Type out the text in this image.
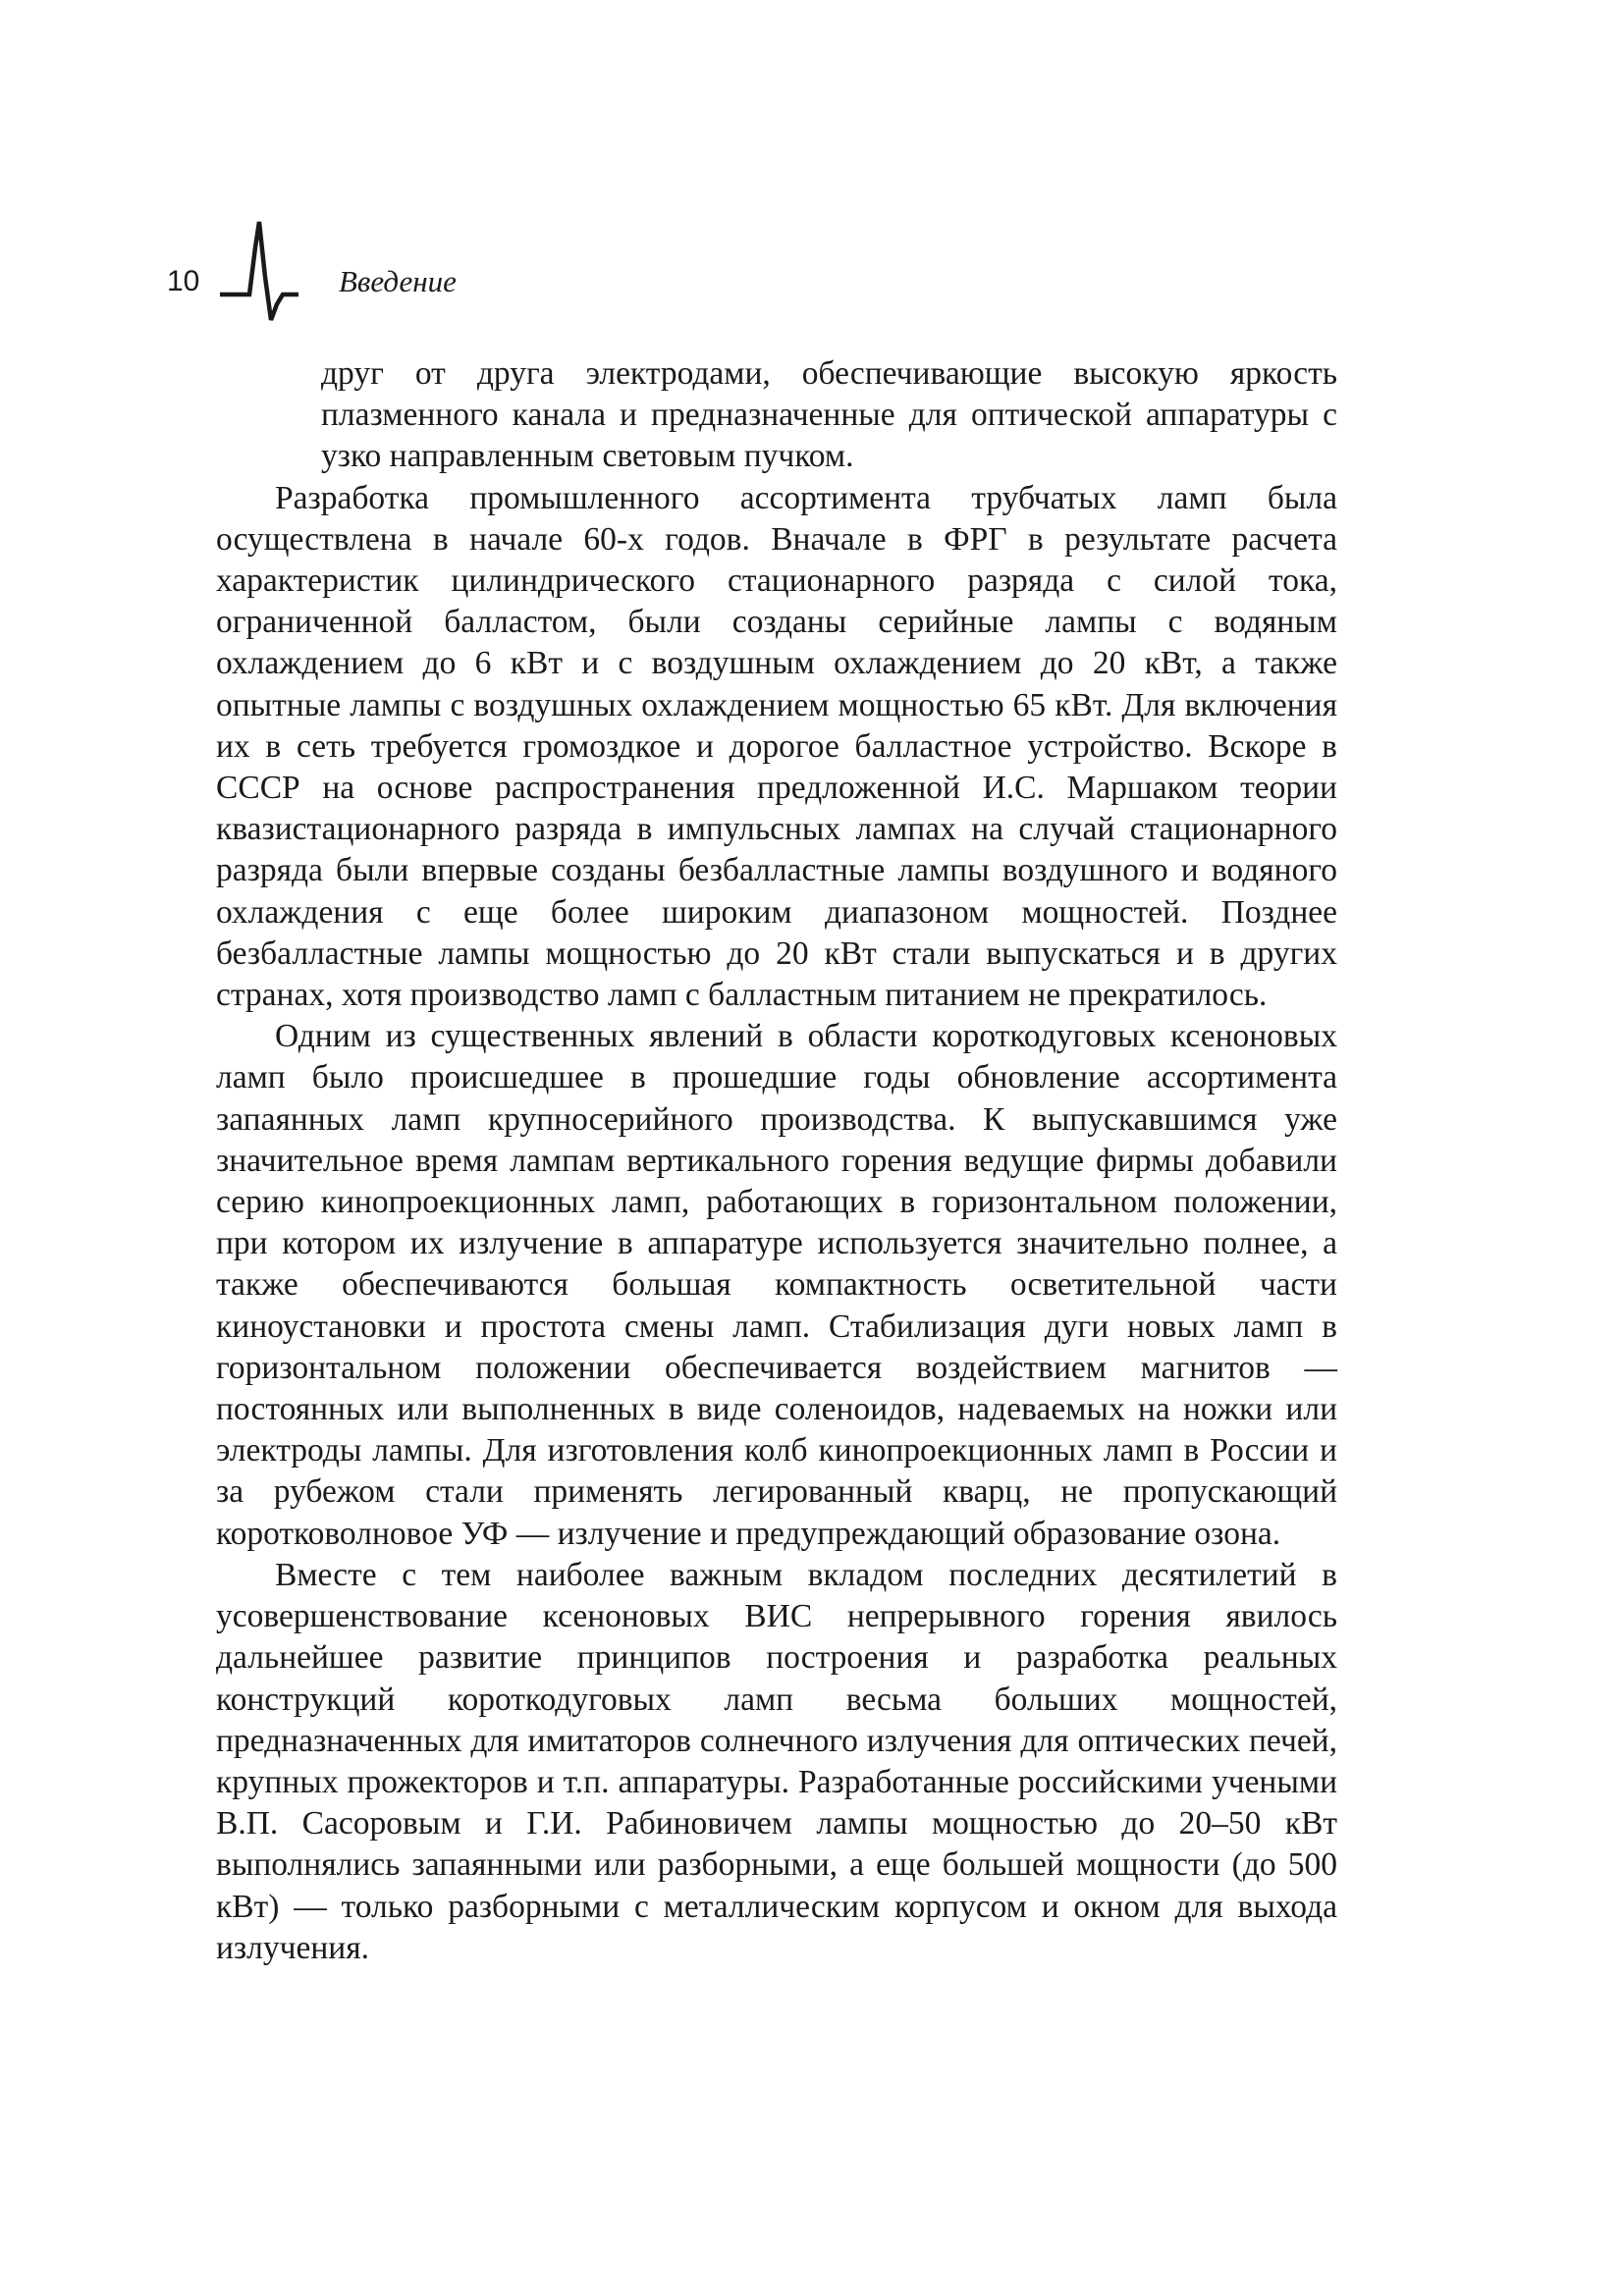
10	Введение

друг от друга электродами, обеспечивающие высокую яркость плазменного канала и предназначенные для оптической аппаратуры с узко направленным световым пучком.

Разработка промышленного ассортимента трубчатых ламп была осуществлена в начале 60-х годов. Вначале в ФРГ в результате расчета характеристик цилиндрического стационарного разряда с силой тока, ограниченной балластом, были созданы серийные лампы с водяным охлаждением до 6 кВт и с воздушным охлаждением до 20 кВт, а также опытные лампы с воздушных охлаждением мощностью 65 кВт. Для включения их в сеть требуется громоздкое и дорогое балластное устройство. Вскоре в СССР на основе распространения предложенной И.С. Маршаком теории квазистационарного разряда в импульсных лампах на случай стационарного разряда были впервые созданы безбалластные лампы воздушного и водяного охлаждения с еще более широким диапазоном мощностей. Позднее безбалластные лампы мощностью до 20 кВт стали выпускаться и в других странах, хотя производство ламп с балластным питанием не прекратилось.

Одним из существенных явлений в области короткодуговых ксеноновых ламп было происшедшее в прошедшие годы обновление ассортимента запаянных ламп крупносерийного производства. К выпускавшимся уже значительное время лампам вертикального горения ведущие фирмы добавили серию кинопроекционных ламп, работающих в горизонтальном положении, при котором их излучение в аппаратуре используется значительно полнее, а также обеспечиваются большая компактность осветительной части киноустановки и простота смены ламп. Стабилизация дуги новых ламп в горизонтальном положении обеспечивается воздействием магнитов — постоянных или выполненных в виде соленоидов, надеваемых на ножки или электроды лампы. Для изготовления колб кинопроекционных ламп в России и за рубежом стали применять легированный кварц, не пропускающий коротковолновое УФ — излучение и предупреждающий образование озона.

Вместе с тем наиболее важным вкладом последних десятилетий в усовершенствование ксеноновых ВИС непрерывного горения явилось дальнейшее развитие принципов построения и разработка реальных конструкций короткодуговых ламп весьма больших мощностей, предназначенных для имитаторов солнечного излучения для оптических печей, крупных прожекторов и т.п. аппаратуры. Разработанные российскими учеными В.П. Сасоровым и Г.И. Рабиновичем лампы мощностью до 20–50 кВт выполнялись запаянными или разборными, а еще большей мощности (до 500 кВт) — только разборными с металлическим корпусом и окном для выхода излучения.
